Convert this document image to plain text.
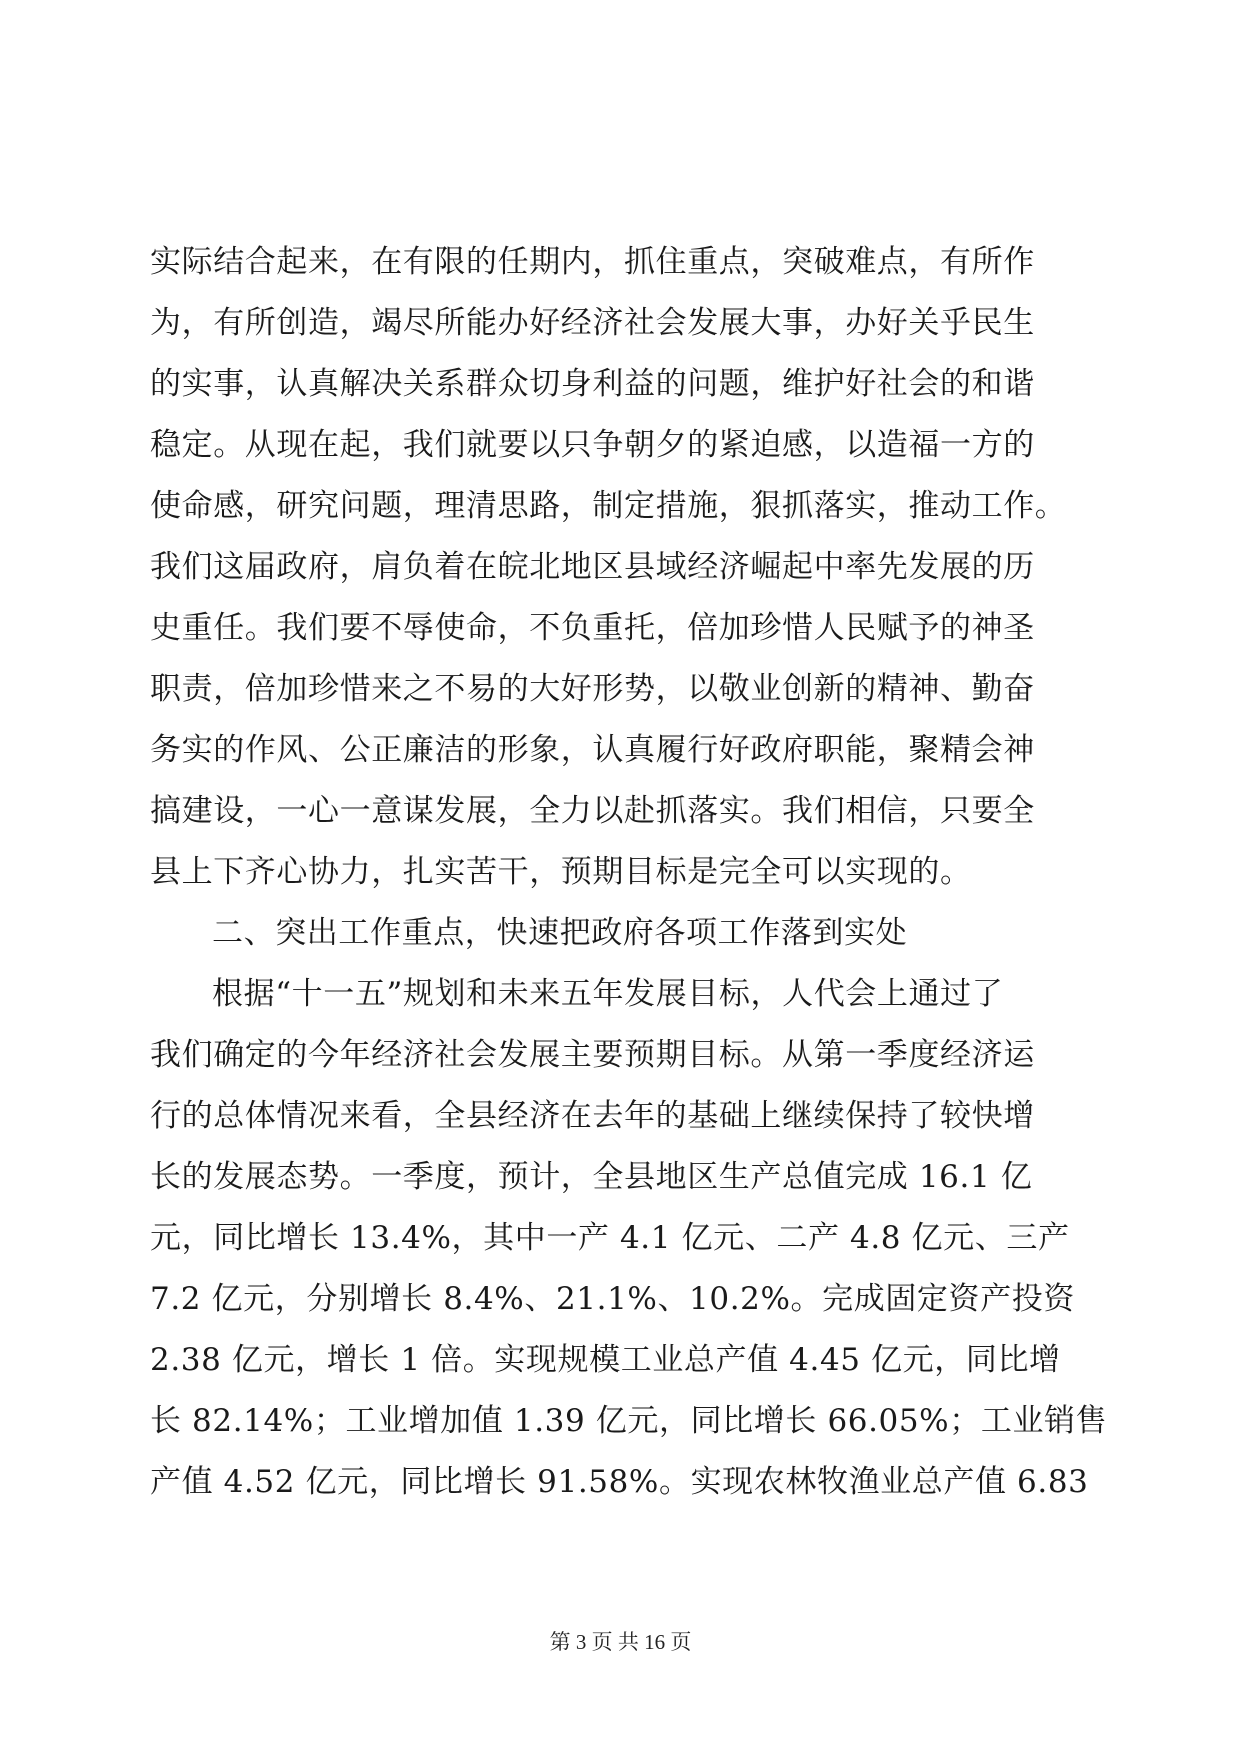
实际结合起来，在有限的任期内，抓住重点，突破难点，有所作
为，有所创造，竭尽所能办好经济社会发展大事，办好关乎民生
的实事，认真解决关系群众切身利益的问题，维护好社会的和谐
稳定。从现在起，我们就要以只争朝夕的紧迫感，以造福一方的
使命感，研究问题，理清思路，制定措施，狠抓落实，推动工作。
我们这届政府，肩负着在皖北地区县域经济崛起中率先发展的历
史重任。我们要不辱使命，不负重托，倍加珍惜人民赋予的神圣
职责，倍加珍惜来之不易的大好形势，以敬业创新的精神、勤奋
务实的作风、公正廉洁的形象，认真履行好政府职能，聚精会神
搞建设，一心一意谋发展，全力以赴抓落实。我们相信，只要全
县上下齐心协力，扎实苦干，预期目标是完全可以实现的。
二、突出工作重点，快速把政府各项工作落到实处
根据“十一五”规划和未来五年发展目标，人代会上通过了
我们确定的今年经济社会发展主要预期目标。从第一季度经济运
行的总体情况来看，全县经济在去年的基础上继续保持了较快增
长的发展态势。一季度，预计，全县地区生产总值完成 16.1 亿
元，同比增长 13.4%，其中一产 4.1 亿元、二产 4.8 亿元、三产
7.2 亿元，分别增长 8.4%、21.1%、10.2%。完成固定资产投资
2.38 亿元，增长 1 倍。实现规模工业总产值 4.45 亿元，同比增
长 82.14%；工业增加值 1.39 亿元，同比增长 66.05%；工业销售
产值 4.52 亿元，同比增长 91.58%。实现农林牧渔业总产值 6.83
第 3 页 共 16 页
